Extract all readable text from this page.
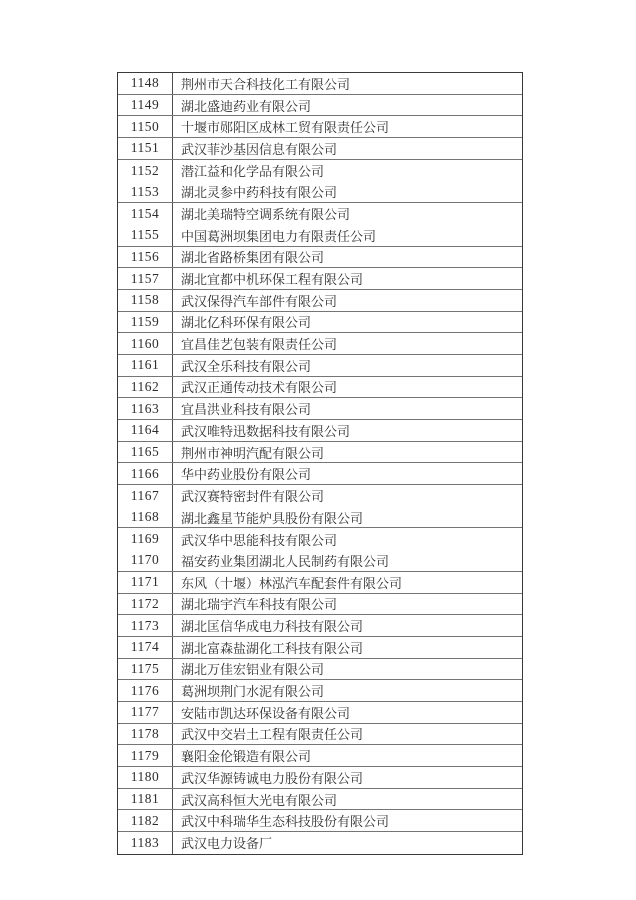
1148	荆州市天合科技化工有限公司
1149	湖北盛迪药业有限公司
1150	十堰市郧阳区成林工贸有限责任公司
1151	武汉菲沙基因信息有限公司
1152	潜江益和化学品有限公司
1153	湖北灵参中药科技有限公司
1154	湖北美瑞特空调系统有限公司
1155	中国葛洲坝集团电力有限责任公司
1156	湖北省路桥集团有限公司
1157	湖北宜都中机环保工程有限公司
1158	武汉保得汽车部件有限公司
1159	湖北亿科环保有限公司
1160	宜昌佳艺包装有限责任公司
1161	武汉全乐科技有限公司
1162	武汉正通传动技术有限公司
1163	宜昌洪业科技有限公司
1164	武汉唯特迅数据科技有限公司
1165	荆州市神明汽配有限公司
1166	华中药业股份有限公司
1167	武汉赛特密封件有限公司
1168	湖北鑫星节能炉具股份有限公司
1169	武汉华中思能科技有限公司
1170	福安药业集团湖北人民制药有限公司
1171	东风（十堰）林泓汽车配套件有限公司
1172	湖北瑞宇汽车科技有限公司
1173	湖北匡信华成电力科技有限公司
1174	湖北富森盐湖化工科技有限公司
1175	湖北万佳宏铝业有限公司
1176	葛洲坝荆门水泥有限公司
1177	安陆市凯达环保设备有限公司
1178	武汉中交岩土工程有限责任公司
1179	襄阳金伦锻造有限公司
1180	武汉华源铸诚电力股份有限公司
1181	武汉高科恒大光电有限公司
1182	武汉中科瑞华生态科技股份有限公司
1183	武汉电力设备厂
